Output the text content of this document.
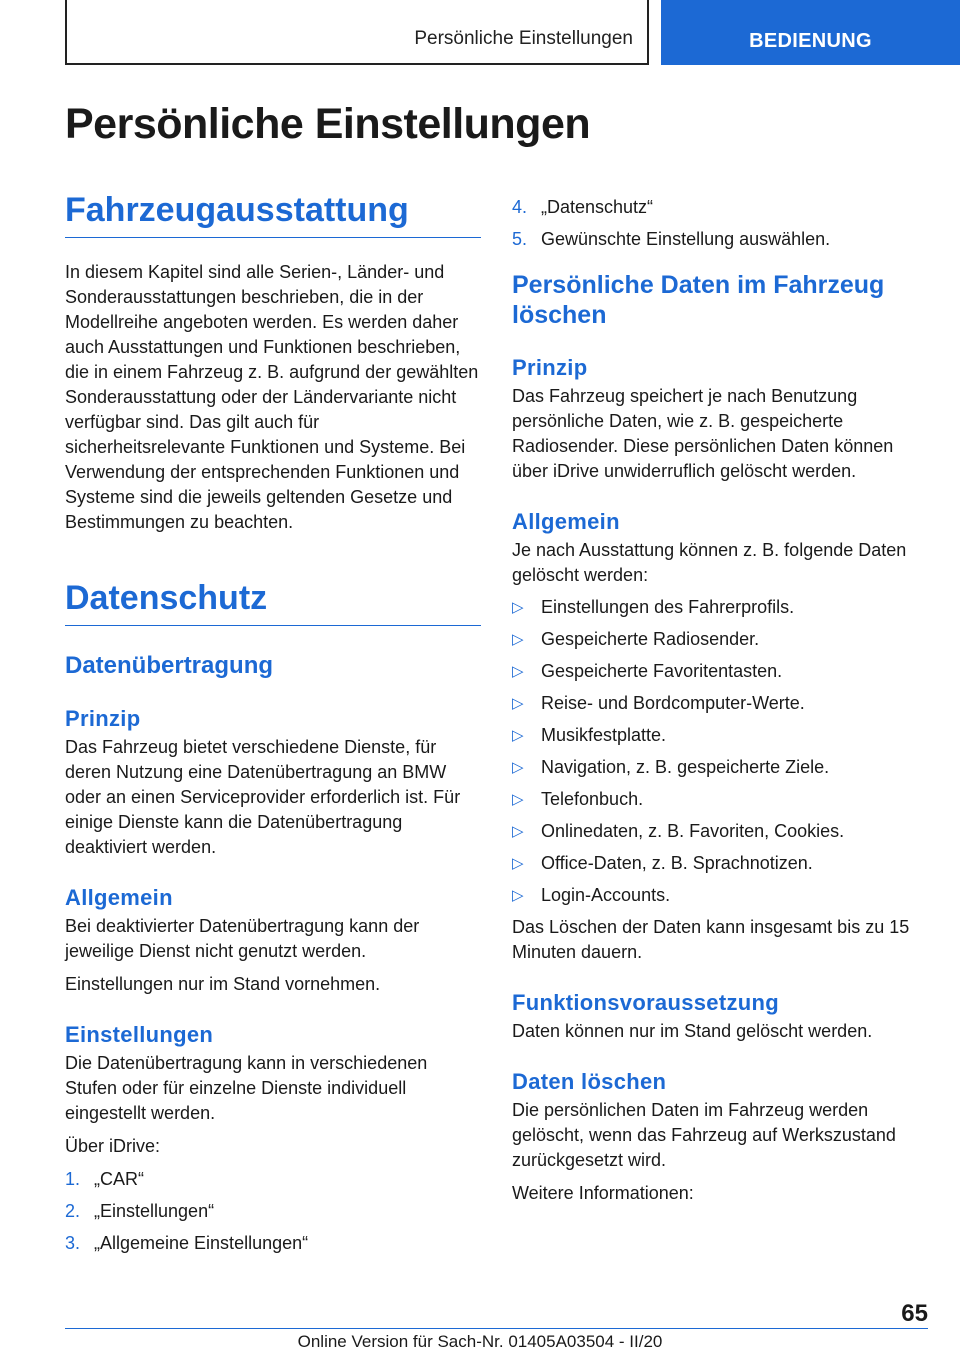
Persönliche Einstellungen	BEDIENUNG
Persönliche Einstellungen
Fahrzeugausstattung

In diesem Kapitel sind alle Serien-, Länder- und Sonderausstattungen beschrieben, die in der Modellreihe angeboten werden. Es werden daher auch Ausstattungen und Funktionen beschrieben, die in einem Fahrzeug z. B. aufgrund der gewählten Sonderausstattung oder der Ländervariante nicht verfügbar sind. Das gilt auch für sicherheitsrelevante Funktionen und Systeme. Bei Verwendung der entsprechenden Funktionen und Systeme sind die jeweils geltenden Gesetze und Bestimmungen zu beachten.

Datenschutz
Datenübertragung
Prinzip

Das Fahrzeug bietet verschiedene Dienste, für deren Nutzung eine Datenübertragung an BMW oder an einen Serviceprovider erforderlich ist. Für einige Dienste kann die Datenübertragung deaktiviert werden.

Allgemein

Bei deaktivierter Datenübertragung kann der jeweilige Dienst nicht genutzt werden.

Einstellungen nur im Stand vornehmen.

Einstellungen

Die Datenübertragung kann in verschiedenen Stufen oder für einzelne Dienste individuell eingestellt werden.

Über iDrive:

1. „CAR“
2. „Einstellungen“
3. „Allgemeine Einstellungen“
4. „Datenschutz“
5. Gewünschte Einstellung auswählen.
Persönliche Daten im Fahrzeug löschen
Prinzip

Das Fahrzeug speichert je nach Benutzung persönliche Daten, wie z. B. gespeicherte Radiosender. Diese persönlichen Daten können über iDrive unwiderruflich gelöscht werden.

Allgemein

Je nach Ausstattung können z. B. folgende Daten gelöscht werden:

▷ Einstellungen des Fahrerprofils.
▷ Gespeicherte Radiosender.
▷ Gespeicherte Favoritentasten.
▷ Reise- und Bordcomputer-Werte.
▷ Musikfestplatte.
▷ Navigation, z. B. gespeicherte Ziele.
▷ Telefonbuch.
▷ Onlinedaten, z. B. Favoriten, Cookies.
▷ Office-Daten, z. B. Sprachnotizen.
▷ Login-Accounts.

Das Löschen der Daten kann insgesamt bis zu 15 Minuten dauern.

Funktionsvoraussetzung

Daten können nur im Stand gelöscht werden.

Daten löschen

Die persönlichen Daten im Fahrzeug werden gelöscht, wenn das Fahrzeug auf Werkszustand zurückgesetzt wird.

Weitere Informationen:

65
Online Version für Sach-Nr. 01405A03504 - II/20
